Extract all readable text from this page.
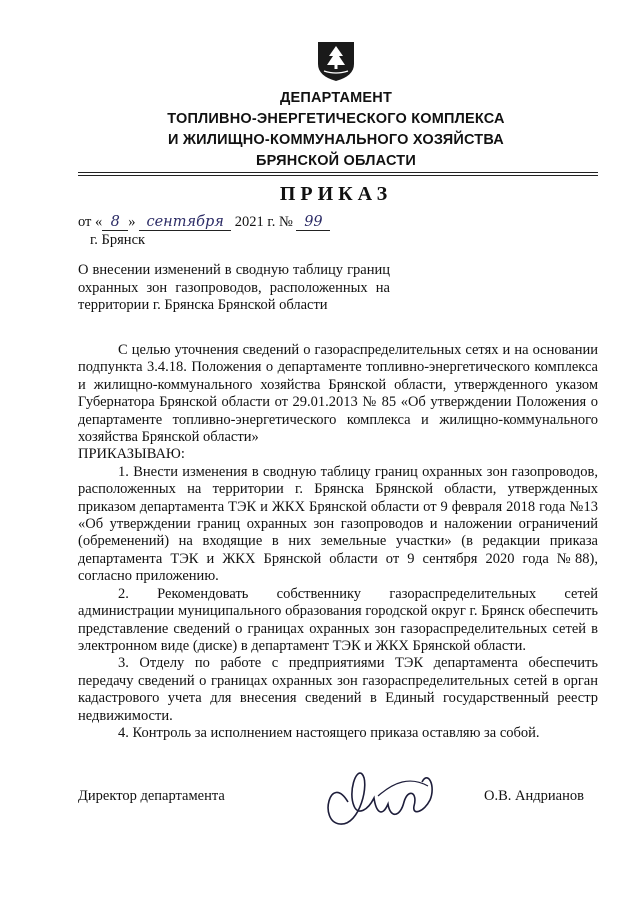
ДЕПАРТАМЕНТ
ТОПЛИВНО-ЭНЕРГЕТИЧЕСКОГО КОМПЛЕКСА
И ЖИЛИЩНО-КОММУНАЛЬНОГО ХОЗЯЙСТВА
БРЯНСКОЙ ОБЛАСТИ
ПРИКАЗ
от « 8 » сентября 2021 г. № 99
г. Брянск
О внесении изменений в сводную таблицу границ охранных зон газопроводов, расположенных на территории г. Брянска Брянской области

С целью уточнения сведений о газораспределительных сетях и на основании подпункта 3.4.18. Положения о департаменте топливно-энергетического комплекса и жилищно-коммунального хозяйства Брянской области, утвержденного указом Губернатора Брянской области от 29.01.2013 № 85 «Об утверждении Положения о департаменте топливно-энергетического комплекса и жилищно-коммунального хозяйства Брянской области»

ПРИКАЗЫВАЮ:

1. Внести изменения в сводную таблицу границ охранных зон газопроводов, расположенных на территории г. Брянска Брянской области, утвержденных приказом департамента ТЭК и ЖКХ Брянской области от 9 февраля 2018 года №13 «Об утверждении границ охранных зон газопроводов и наложении ограничений (обременений) на входящие в них земельные участки» (в редакции приказа департамента ТЭК и ЖКХ Брянской области от 9 сентября 2020 года №88), согласно приложению.

2. Рекомендовать собственнику газораспределительных сетей администрации муниципального образования городской округ г. Брянск обеспечить представление сведений о границах охранных зон газораспределительных сетей в электронном виде (диске) в департамент ТЭК и ЖКХ Брянской области.

3. Отделу по работе с предприятиями ТЭК департамента обеспечить передачу сведений о границах охранных зон газораспределительных сетей в орган кадастрового учета для внесения сведений в Единый государственный реестр недвижимости.

4. Контроль за исполнением настоящего приказа оставляю за собой.

Директор департамента	О.В. Андрианов
